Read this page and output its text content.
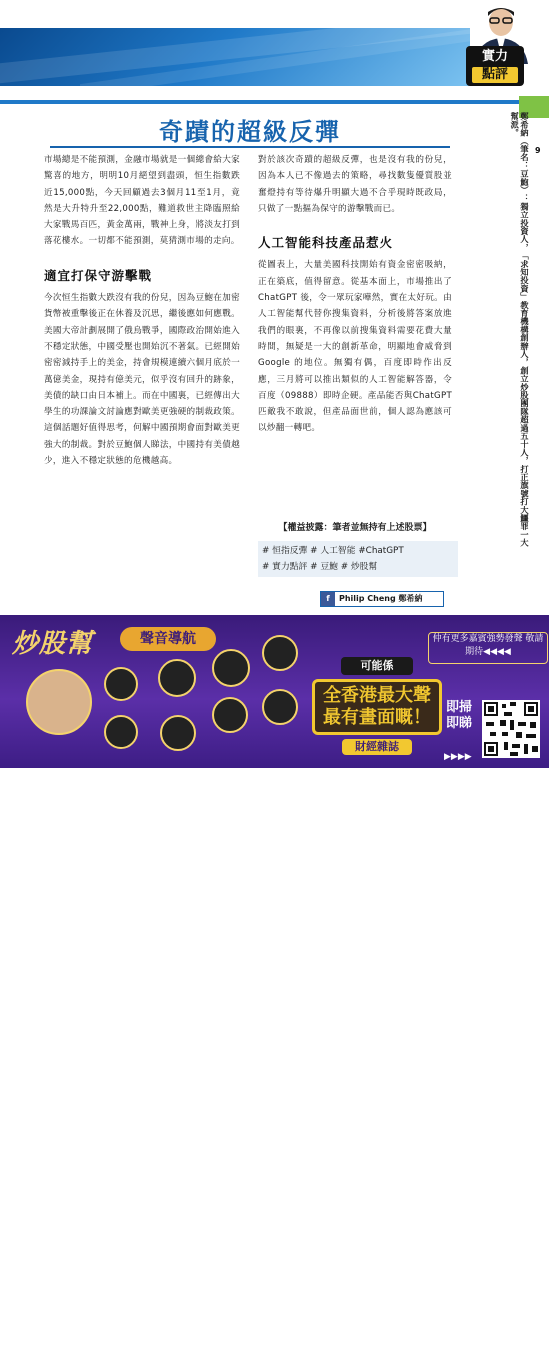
實力
點評
奇蹟的超級反彈

市場總是不能預測，金融市場就是一個總會給大家驚喜的地方，明明10月絕望到盡頭，恒生指數跌近15,000點，今天回顧過去3個月11至1月，竟然是大升特升至22,000點，難道救世主降臨照給大家戰馬百匹，黃金萬兩，戰神上身，將淡友打到落花樓水。一切都不能預測，莫猜測市場的走向。

適宜打保守游擊戰

今次恒生指數大跌沒有我的份兒，因為豆鮑在加密貨幣被重擊後正在休養及沉思，繼後應如何應戰。美國大帝計劃展開了俄烏戰爭，國際政治開始進入不穩定狀態，中國受壓也開始沉不著氣。已經開始密密減持手上的美金，持會規模連續六個月底於一萬億美金，現持有億美元，似乎沒有回升的跡象，美債的缺口由日本補上。而在中國裏，已經傳出大學生的功課論文討論應對歐美更強硬的制裁政策。這個話題好值得思考，何解中國預期會面對歐美更強大的制裁。對於豆鮑個人睇法，中國持有美債越少，進入不穩定狀態的危機越高。

對於該次奇蹟的超級反彈，也是沒有我的份兒，因為本人已不像過去的策略，尋找數隻優質股並奮燈持有等待爆升明顯大過不合乎現時既政局，只做了一點摳為保守的游擊戰而已。

人工智能科技產品惹火

從圖表上，大量美國科技開始有資金密密吸納，正在築底，值得留意。從基本面上，市場推出了ChatGPT 後，令一眾玩家嘩然，實在太好玩。由人工智能幫代替你搜集資料，分析後將答案放進我們的眼裏，不再像以前搜集資料需要花費大量時間，無疑是一大的創新革命，明顯地會威脅到Google 的地位。無獨有偶，百度即時作出反應，三月將可以推出類似的人工智能解答器，令百度（09888）即時企硬。產品能否與ChatGPT匹敵我不敢說，但產品面世前，個人認為應該可以炒翻一轉吧。	鄭希納（筆名：豆鮑）：獨立投資人，「求知投資」教育機構創辦人，創立炒股團隊超過五十人，打正旗號打大鱷罪一大幫派。
9
【權益披露：筆者並無持有上述股票】
# 恒指反彈 # 人工智能 #ChatGPT
# 實力點評 # 豆鮑 # 炒股幫
f Philip Cheng 鄭希納
炒股幫	聲音導航
可能係
全香港最大聲 最有畫面嘅！
財經雜誌
傾情演繹
仲有更多嘉賓強勢發聲 敬請期待◀◀◀◀
即掃即睇
▶▶▶▶
